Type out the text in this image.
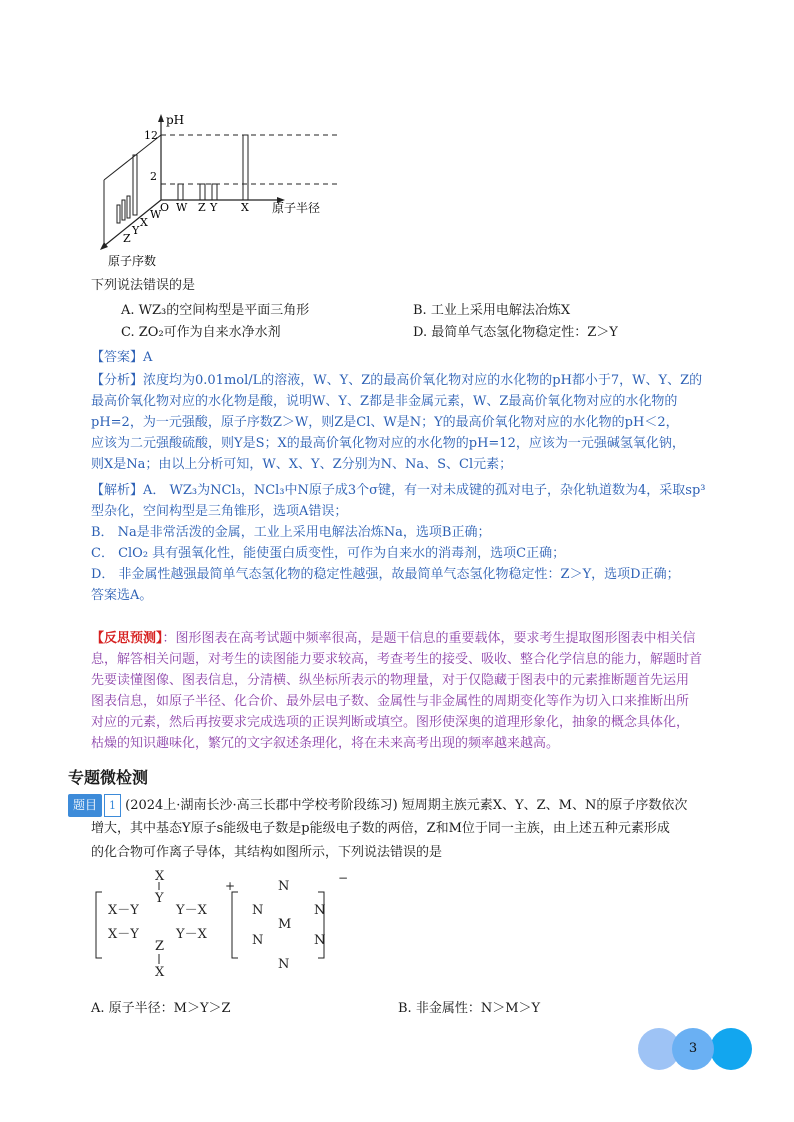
12
2
pH
O W Z Y X 原子半径
W
X
Y
Z
原子序数
下列说法错误的是
A. WZ₃的空间构型是平面三角形	B. 工业上采用电解法冶炼X
C. ZO₂可作为自来水净水剂	D. 最简单气态氢化物稳定性：Z＞Y
【答案】A
【分析】浓度均为0.01mol/L的溶液，W、Y、Z的最高价氧化物对应的水化物的pH都小于7，W、Y、Z的
最高价氧化物对应的水化物是酸，说明W、Y、Z都是非金属元素，W、Z最高价氧化物对应的水化物的
pH=2，为一元强酸，原子序数Z＞W，则Z是Cl、W是N；Y的最高价氧化物对应的水化物的pH＜2，
应该为二元强酸硫酸，则Y是S；X的最高价氧化物对应的水化物的pH=12，应该为一元强碱氢氧化钠，
则X是Na；由以上分析可知，W、X、Y、Z分别为N、Na、S、Cl元素；
【解析】A． WZ₃为NCl₃，NCl₃中N原子成3个σ键，有一对未成键的孤对电子，杂化轨道数为4，采取sp³
型杂化，空间构型是三角锥形，选项A错误；
B． Na是非常活泼的金属，工业上采用电解法冶炼Na，选项B正确；
C． ClO₂ 具有强氧化性，能使蛋白质变性，可作为自来水的消毒剂，选项C正确；
D． 非金属性越强最简单气态氢化物的稳定性越强，故最简单气态氢化物稳定性：Z＞Y，选项D正确；
答案选A。
【反思预测】：图形图表在高考试题中频率很高，是题干信息的重要载体，要求考生提取图形图表中相关信
息，解答相关问题，对考生的读图能力要求较高，考查考生的接受、吸收、整合化学信息的能力，解题时首
先要读懂图像、图表信息，分清横、纵坐标所表示的物理量，对于仅隐藏于图表中的元素推断题首先运用
图表信息，如原子半径、化合价、最外层电子数、金属性与非金属性的周期变化等作为切入口来推断出所
对应的元素，然后再按要求完成选项的正误判断或填空。图形使深奥的道理形象化，抽象的概念具体化，
枯燥的知识趣味化，繁冗的文字叙述条理化，将在未来高考出现的频率越来越高。
专题微检测
题目 1 (2024上·湖南长沙·高三长郡中学校考阶段练习) 短周期主族元素X、Y、Z、M、N的原子序数依次
增大，其中基态Y原子s能级电子数是p能级电子数的两倍，Z和M位于同一主族，由上述五种元素形成
的化合物可作离子导体，其结构如图所示，下列说法错误的是
X
Y
X－Y	Y－X
X－Y	Y－X
Z
X
+	N
N	N
M
N	N
N
−
A. 原子半径：M＞Y＞Z	B. 非金属性：N＞M＞Y
3
